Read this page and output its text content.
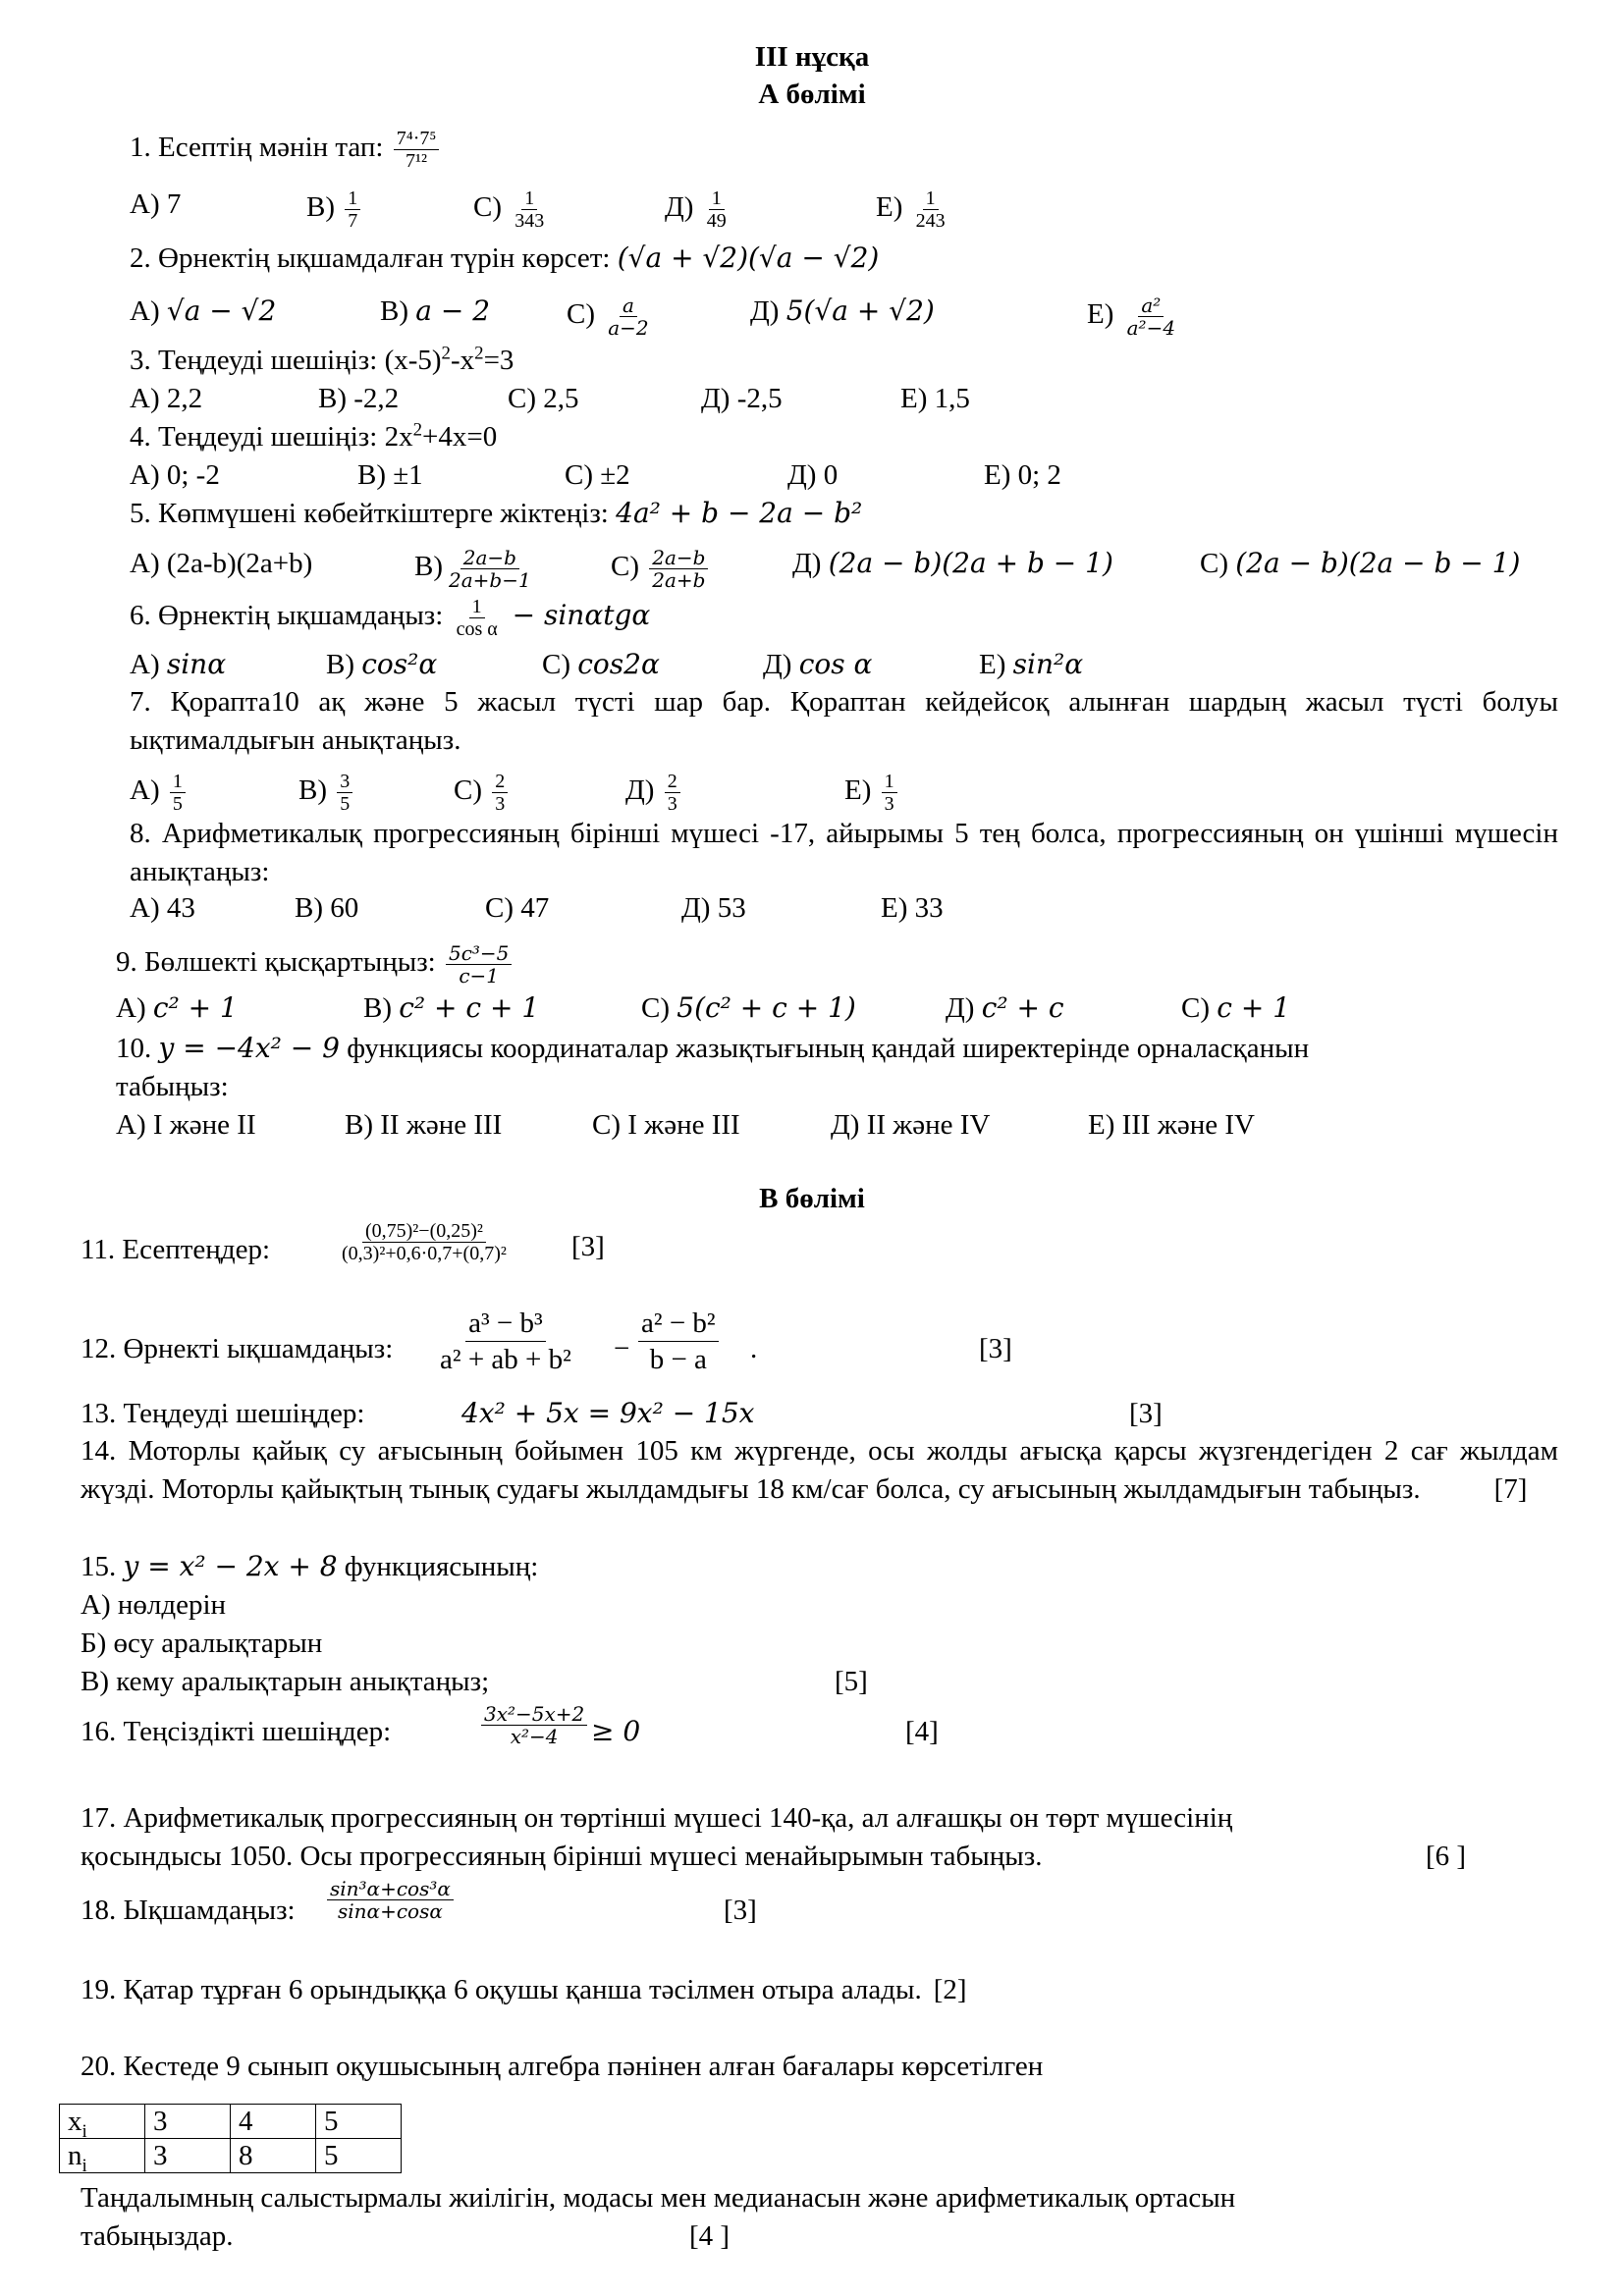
III нұсқа
А бөлімі
1. Есептің мәнін тап: $\frac{\text{7⁴·7⁵}}{\text{7¹²}}$
А) 7	$В) \frac{1}{7}$	$С) \frac{1}{343}$	$Д) \frac{1}{49}$	$Е) \frac{1}{243}$
2. Өрнектің ықшамдалған түрін көрсет: (√a + √2)(√a − √2)
А) √a − √2	В) a − 2	$С) \frac{a}{a-2}$	Д) 5(√a + √2)	$Е) \frac{\text{a²}}{\text{a²−4}}$
3. Теңдеуді шешіңіз: $(x-5)^2-x^2=3$
А) 2,2	В) -2,2	С) 2,5	Д) -2,5	Е) 1,5
4. Теңдеуді шешіңіз: $2x^2+4x=0$
А) 0; -2	В) ±1	С) ±2	Д) 0	Е) 0; 2
5. Көпмүшені көбейткіштерге жіктеңіз: 4a² + b − 2a − b²
А) (2a-b)(2a+b)	$В) \frac{2a-b}{2a+b-1}$	$С) \frac{2a-b}{2a+b}$	Д) (2a − b)(2a + b − 1)	С) (2a − b)(2a − b − 1)
6. Өрнектің ықшамдаңыз: $\frac{1}{\text{cos α}} - \sin\alpha tg\alpha$
А) sinα	В) cos²α	С) cos2α	Д) cos α	Е) sin²α
7. Қорапта10 ақ және 5 жасыл түсті шар бар. Қораптан кейдейсоқ алынған шардың жасыл түсті болуы ықтималдығын анықтаңыз.
$А) \frac{1}{5}$	$В) \frac{3}{5}$	$С) \frac{2}{3}$	$Д) \frac{2}{3}$	$Е) \frac{1}{3}$
8. Арифметикалық прогрессияның бірінші мүшесі -17, айырымы 5 тең болса, прогрессияның он үшінші мүшесін анықтаңыз:
А) 43	В) 60	С) 47	Д) 53	Е) 33
9. Бөлшекті қысқартыңыз: $\frac{\text{5c³−5}}{c-1}$
А) c² + 1	В) c² + c + 1	С) 5(c² + c + 1)	Д) c² + c	С) c + 1
10. y = −4x² − 9 функциясы координаталар жазықтығының қандай ширектерінде орналасқанын
табыңыз:
А) I және II	В) II және III	С) I және III	Д) II және IV	Е) III және IV
В бөлімі
11. Есептеңдер:	$\frac{\text{(0,75)²−(0,25)²}}{\text{(0,3)²+0,6·0,7+(0,7)²}} [3]$
12. Өрнекті ықшамдаңыз: $\frac{\text{a³ − b³}}{\text{a² + ab + b²}} - \frac{\text{a² − b²}}{b - a}$ .	[3]
13. Теңдеуді шешіңдер:	4x² + 5x = 9x² − 15x	[3]
14. Моторлы қайық су ағысының бойымен 105 км жүргенде, осы жолды ағысқа қарсы жүзгендегіден 2 сағ жылдам жүзді. Моторлы қайықтың тынық судағы жылдамдығы 18 км/сағ болса, су ағысының жылдамдығын табыңыз.	[7]
15. y = x² − 2x + 8 функциясының:
А) нөлдерін
Б) өсу аралықтарын
В) кему аралықтарын анықтаңыз;	[5]
16. Теңсіздікті шешіңдер:	$\frac{\text{3x²−5x+2}}{\text{x²−4}} \ge 0$	[4]
17. Арифметикалық прогрессияның он төртінші мүшесі 140-қа, ал алғашқы он төрт мүшесінің
қосындысы 1050. Осы прогрессияның бірінші мүшесі менайырымын табыңыз.	[6 ]
18. Ықшамдаңыз: $\frac{\text{sin³α+cos³α}}{\sin\alpha+\cos\alpha}$	[3]
19. Қатар тұрған 6 орындыққа 6 оқушы қанша тәсілмен отыра алады. [2]
20. Кестеде 9 сынып оқушысының алгебра пәнінен алған бағалары көрсетілген
$x_i$	3	4	5
$n_i$	3	8	5
Таңдалымның салыстырмалы жиілігін, модасы мен медианасын және арифметикалық ортасын
табыңыздар.	[4 ]
